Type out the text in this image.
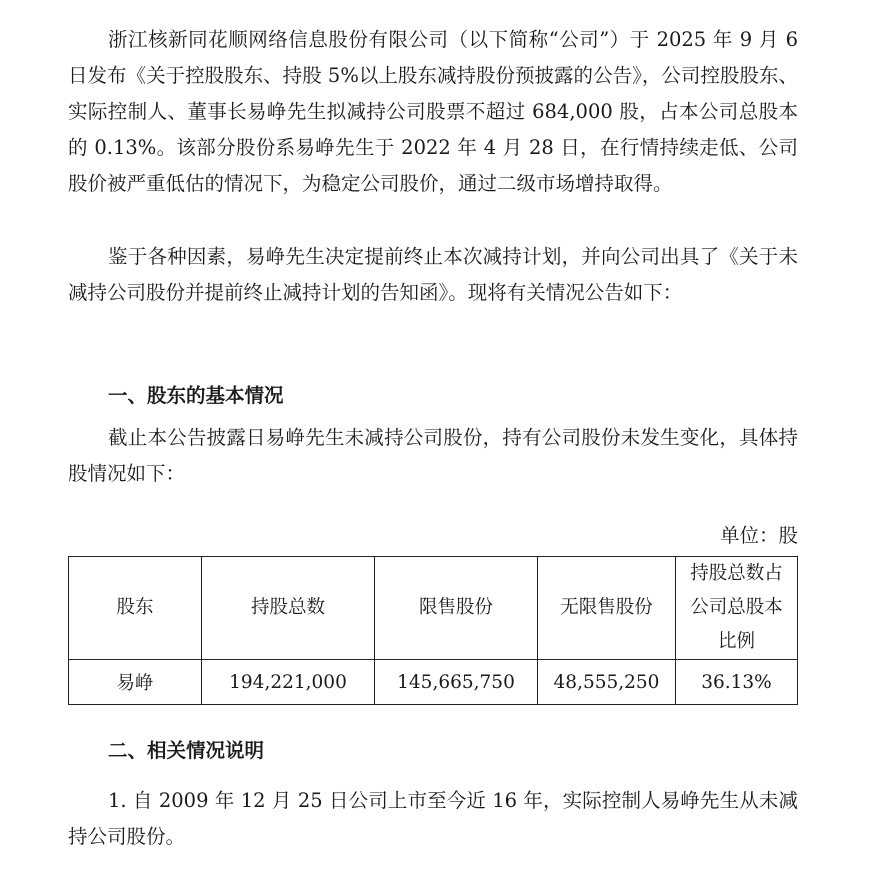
浙江核新同花顺网络信息股份有限公司（以下简称“公司”）于 2025 年 9 月 6 日发布《关于控股股东、持股 5%以上股东减持股份预披露的公告》，公司控股股东、实际控制人、董事长易峥先生拟减持公司股票不超过 684,000 股，占本公司总股本的 0.13%。该部分股份系易峥先生于 2022 年 4 月 28 日，在行情持续走低、公司股价被严重低估的情况下，为稳定公司股价，通过二级市场增持取得。
鉴于各种因素，易峥先生决定提前终止本次减持计划，并向公司出具了《关于未减持公司股份并提前终止减持计划的告知函》。现将有关情况公告如下：
一、股东的基本情况
截止本公告披露日易峥先生未减持公司股份，持有公司股份未发生变化，具体持股情况如下：
单位：股
股东	持股总数	限售股份	无限售股份	持股总数占公司总股本比例
易峥	194,221,000	145,665,750	48,555,250	36.13%
二、相关情况说明
1. 自 2009 年 12 月 25 日公司上市至今近 16 年，实际控制人易峥先生从未减持公司股份。
